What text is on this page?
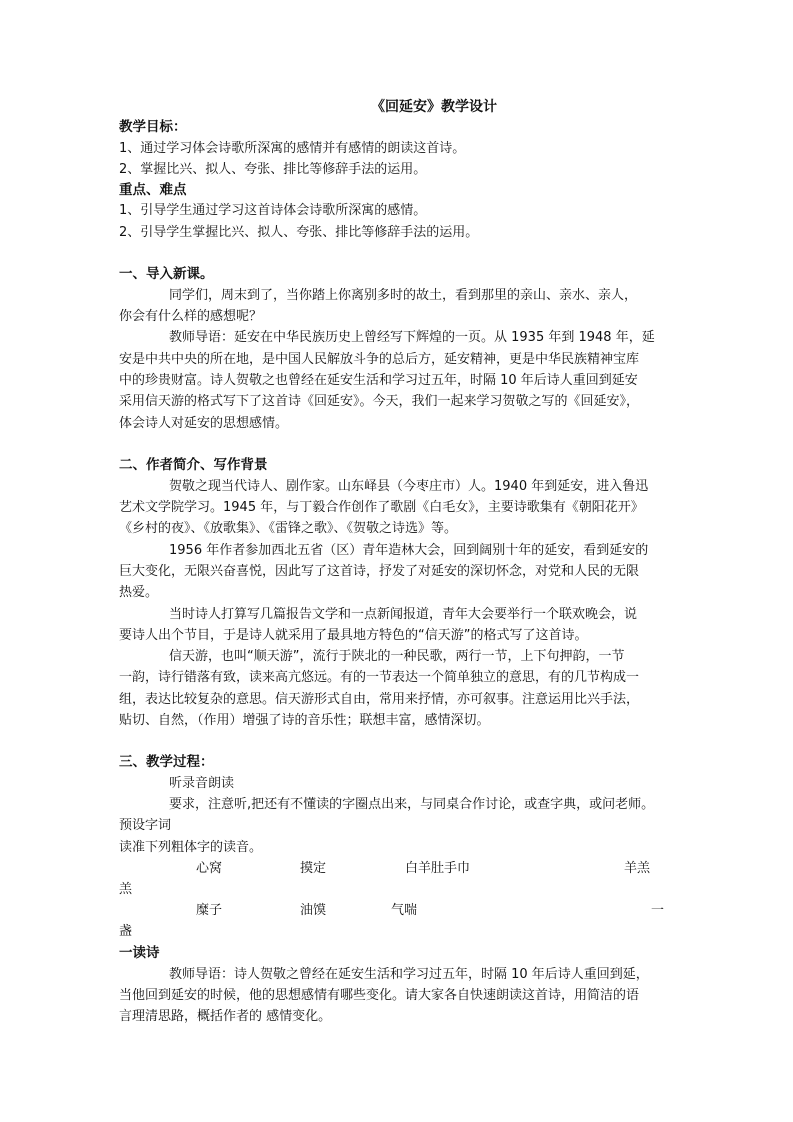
《回延安》教学设计
教学目标：
1、通过学习体会诗歌所深寓的感情并有感情的朗读这首诗。
2、掌握比兴、拟人、夸张、排比等修辞手法的运用。
重点、难点
1、引导学生通过学习这首诗体会诗歌所深寓的感情。
2、引导学生掌握比兴、拟人、夸张、排比等修辞手法的运用。
一、导入新课。
同学们，周末到了，当你踏上你离别多时的故土，看到那里的亲山、亲水、亲人，
你会有什么样的感想呢？
教师导语：延安在中华民族历史上曾经写下辉煌的一页。从 1935 年到 1948 年，延
安是中共中央的所在地，是中国人民解放斗争的总后方，延安精神，更是中华民族精神宝库
中的珍贵财富。诗人贺敬之也曾经在延安生活和学习过五年，时隔 10 年后诗人重回到延安
采用信天游的格式写下了这首诗《回延安》。今天，我们一起来学习贺敬之写的《回延安》，
体会诗人对延安的思想感情。
二、作者简介、写作背景
贺敬之现当代诗人、剧作家。山东峄县（今枣庄市）人。1940 年到延安，进入鲁迅
艺术文学院学习。1945 年，与丁毅合作创作了歌剧《白毛女》，主要诗歌集有《朝阳花开》
《乡村的夜》、《放歌集》、《雷锋之歌》、《贺敬之诗选》等。
1956 年作者参加西北五省（区）青年造林大会，回到阔别十年的延安，看到延安的
巨大变化，无限兴奋喜悦，因此写了这首诗，抒发了对延安的深切怀念，对党和人民的无限
热爱。
当时诗人打算写几篇报告文学和一点新闻报道，青年大会要举行一个联欢晚会，说
要诗人出个节目，于是诗人就采用了最具地方特色的“信天游”的格式写了这首诗。
信天游，也叫“顺天游”，流行于陕北的一种民歌，两行一节，上下句押韵，一节
一韵，诗行错落有致，读来高亢悠远。有的一节表达一个简单独立的意思，有的几节构成一
组，表达比较复杂的意思。信天游形式自由，常用来抒情，亦可叙事。注意运用比兴手法，
贴切、自然，（作用）增强了诗的音乐性；联想丰富，感情深切。
三、教学过程：
听录音朗读
要求，注意听,把还有不懂读的字圈点出来，与同桌合作讨论，或查字典，或问老师。
预设字词
读准下列粗体字的读音。
心窝	摸定	白羊肚手巾	羊羔
羔
糜子	油馍	气喘	一
盏
一读诗
教师导语：诗人贺敬之曾经在延安生活和学习过五年，时隔 10 年后诗人重回到延，
当他回到延安的时候，他的思想感情有哪些变化。请大家各自快速朗读这首诗，用简洁的语
言理清思路，概括作者的 感情变化。
